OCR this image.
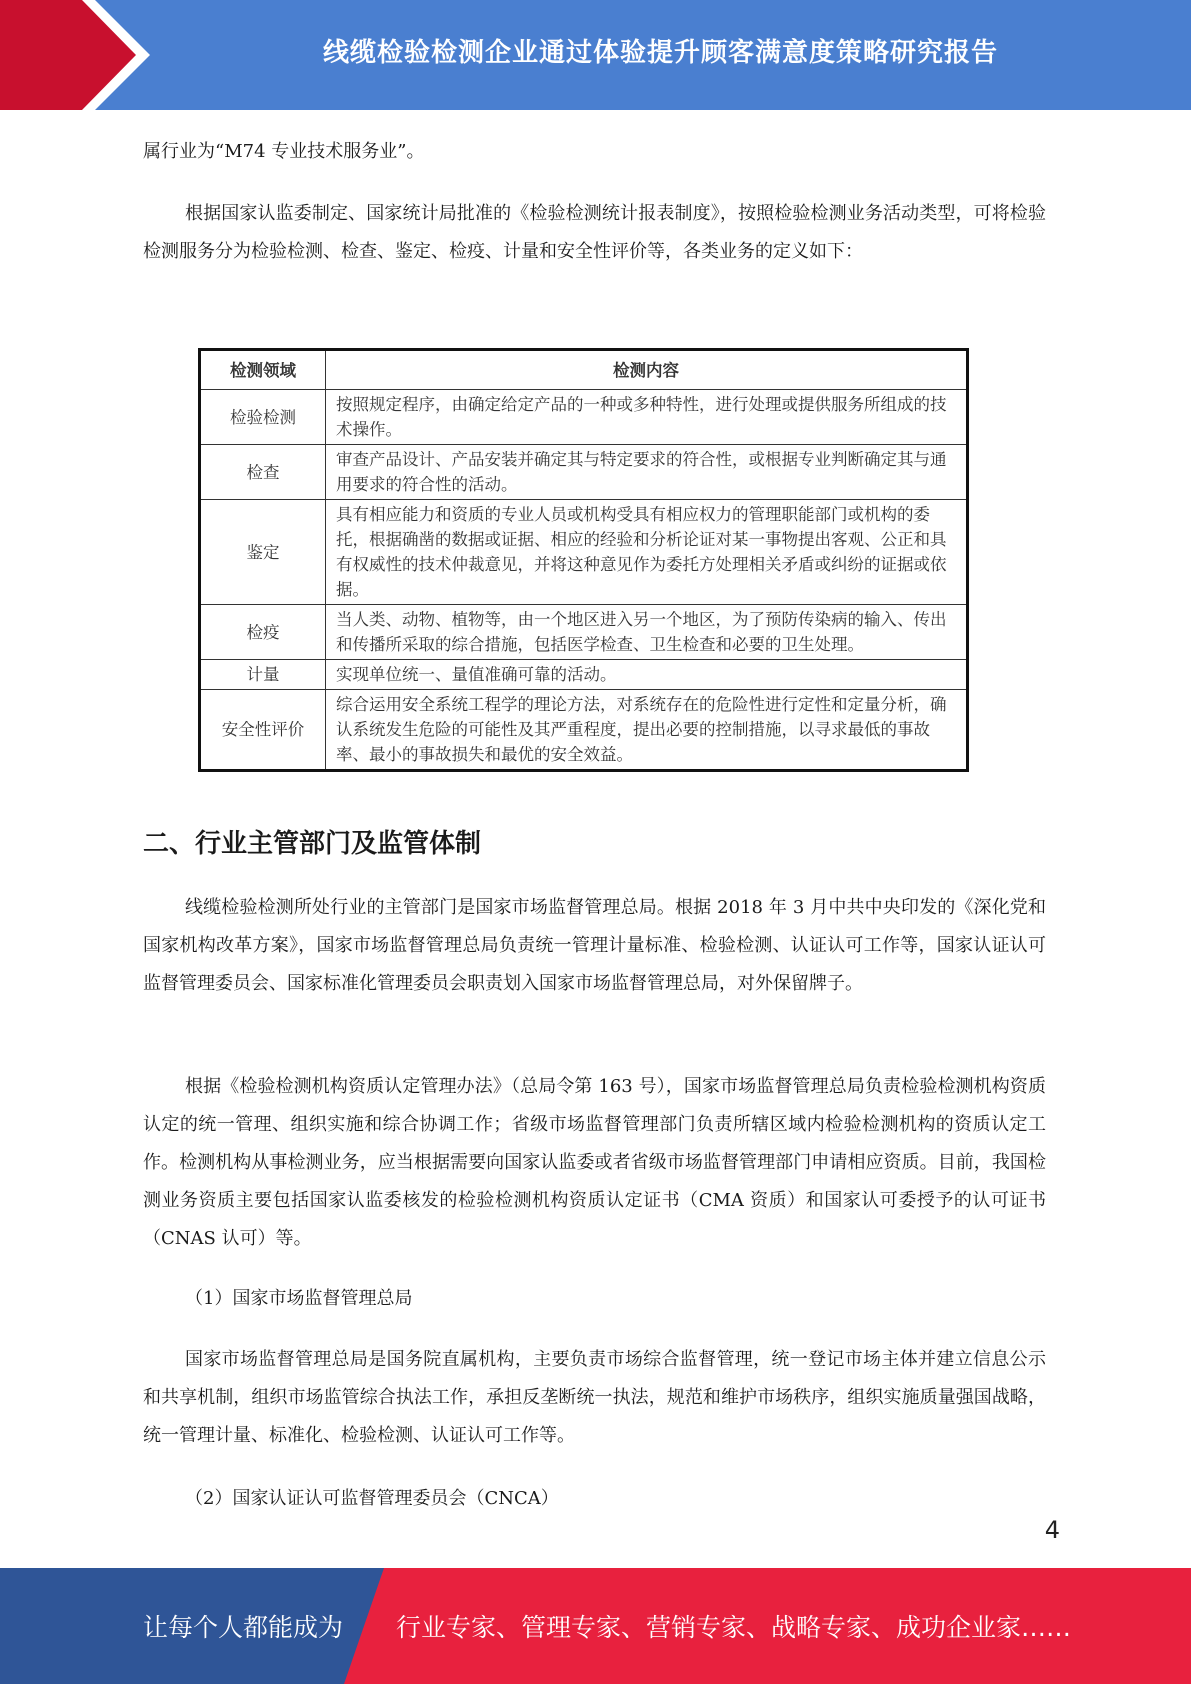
线缆检验检测企业通过体验提升顾客满意度策略研究报告

属行业为“M74 专业技术服务业”。

根据国家认监委制定、国家统计局批准的《检验检测统计报表制度》，按照检验检测业务活动类型，可将检验检测服务分为检验检测、检查、鉴定、检疫、计量和安全性评价等，各类业务的定义如下：

检测领域	检测内容
检验检测	按照规定程序，由确定给定产品的一种或多种特性，进行处理或提供服务所组成的技术操作。
检查	审查产品设计、产品安装并确定其与特定要求的符合性，或根据专业判断确定其与通用要求的符合性的活动。
鉴定	具有相应能力和资质的专业人员或机构受具有相应权力的管理职能部门或机构的委托，根据确凿的数据或证据、相应的经验和分析论证对某一事物提出客观、公正和具有权威性的技术仲裁意见，并将这种意见作为委托方处理相关矛盾或纠纷的证据或依据。
检疫	当人类、动物、植物等，由一个地区进入另一个地区，为了预防传染病的输入、传出和传播所采取的综合措施，包括医学检查、卫生检查和必要的卫生处理。
计量	实现单位统一、量值准确可靠的活动。
安全性评价	综合运用安全系统工程学的理论方法，对系统存在的危险性进行定性和定量分析，确认系统发生危险的可能性及其严重程度，提出必要的控制措施，以寻求最低的事故率、最小的事故损失和最优的安全效益。
二、行业主管部门及监管体制

线缆检验检测所处行业的主管部门是国家市场监督管理总局。根据 2018 年 3 月中共中央印发的《深化党和国家机构改革方案》，国家市场监督管理总局负责统一管理计量标准、检验检测、认证认可工作等，国家认证认可监督管理委员会、国家标准化管理委员会职责划入国家市场监督管理总局，对外保留牌子。

根据《检验检测机构资质认定管理办法》（总局令第 163 号），国家市场监督管理总局负责检验检测机构资质认定的统一管理、组织实施和综合协调工作；省级市场监督管理部门负责所辖区域内检验检测机构的资质认定工作。检测机构从事检测业务，应当根据需要向国家认监委或者省级市场监督管理部门申请相应资质。目前，我国检测业务资质主要包括国家认监委核发的检验检测机构资质认定证书（CMA 资质）和国家认可委授予的认可证书（CNAS 认可）等。

（1）国家市场监督管理总局

国家市场监督管理总局是国务院直属机构，主要负责市场综合监督管理，统一登记市场主体并建立信息公示和共享机制，组织市场监管综合执法工作，承担反垄断统一执法，规范和维护市场秩序，组织实施质量强国战略，统一管理计量、标准化、检验检测、认证认可工作等。

（2）国家认证认可监督管理委员会（CNCA）

4
让每个人都能成为 行业专家、管理专家、营销专家、战略专家、成功企业家……
